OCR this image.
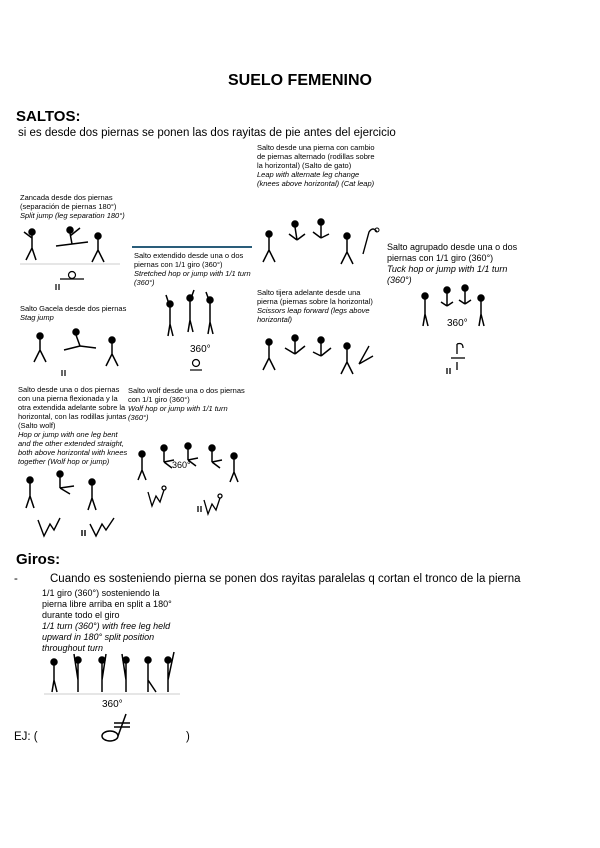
SUELO FEMENINO
SALTOS:
si es desde dos piernas se ponen las dos rayitas de pie antes del ejercicio
Zancada desde dos piernas (separación de piernas 180°)
Split jump (leg separation 180°)
Salto desde una pierna con cambio de piernas alternado (rodillas sobre la horizontal) (Salto de gato)
Leap with alternate leg change (knees above horizontal) (Cat leap)
Salto extendido desde una o dos piernas con 1/1 giro (360°)
Stretched hop or jump with 1/1 turn (360°)
360°
Salto agrupado desde una o dos piernas con 1/1 giro (360°)
Tuck hop or jump with 1/1 turn (360°)
360°
Salto Gacela desde dos piernas
Stag jump
Salto tijera adelante desde una pierna (piernas sobre la horizontal)
Scissors leap forward (legs above horizontal)
Salto desde una o dos piernas con una pierna flexionada y la otra extendida adelante sobre la horizontal, con las rodillas juntas (Salto wolf)
Hop or jump with one leg bent and the other extended straight, both above horizontal with knees together (Wolf hop or jump)
Salto wolf desde una o dos piernas con 1/1 giro (360°)
Wolf hop or jump with 1/1 turn (360°)
360°
Giros:
-	Cuando es sosteniendo pierna se ponen dos rayitas paralelas q cortan el tronco de la pierna
1/1 giro (360°) sosteniendo la pierna libre arriba en split a 180° durante todo el giro
1/1 turn (360°) with free leg held upward in 180° split position throughout turn
360°
EJ: (	)
